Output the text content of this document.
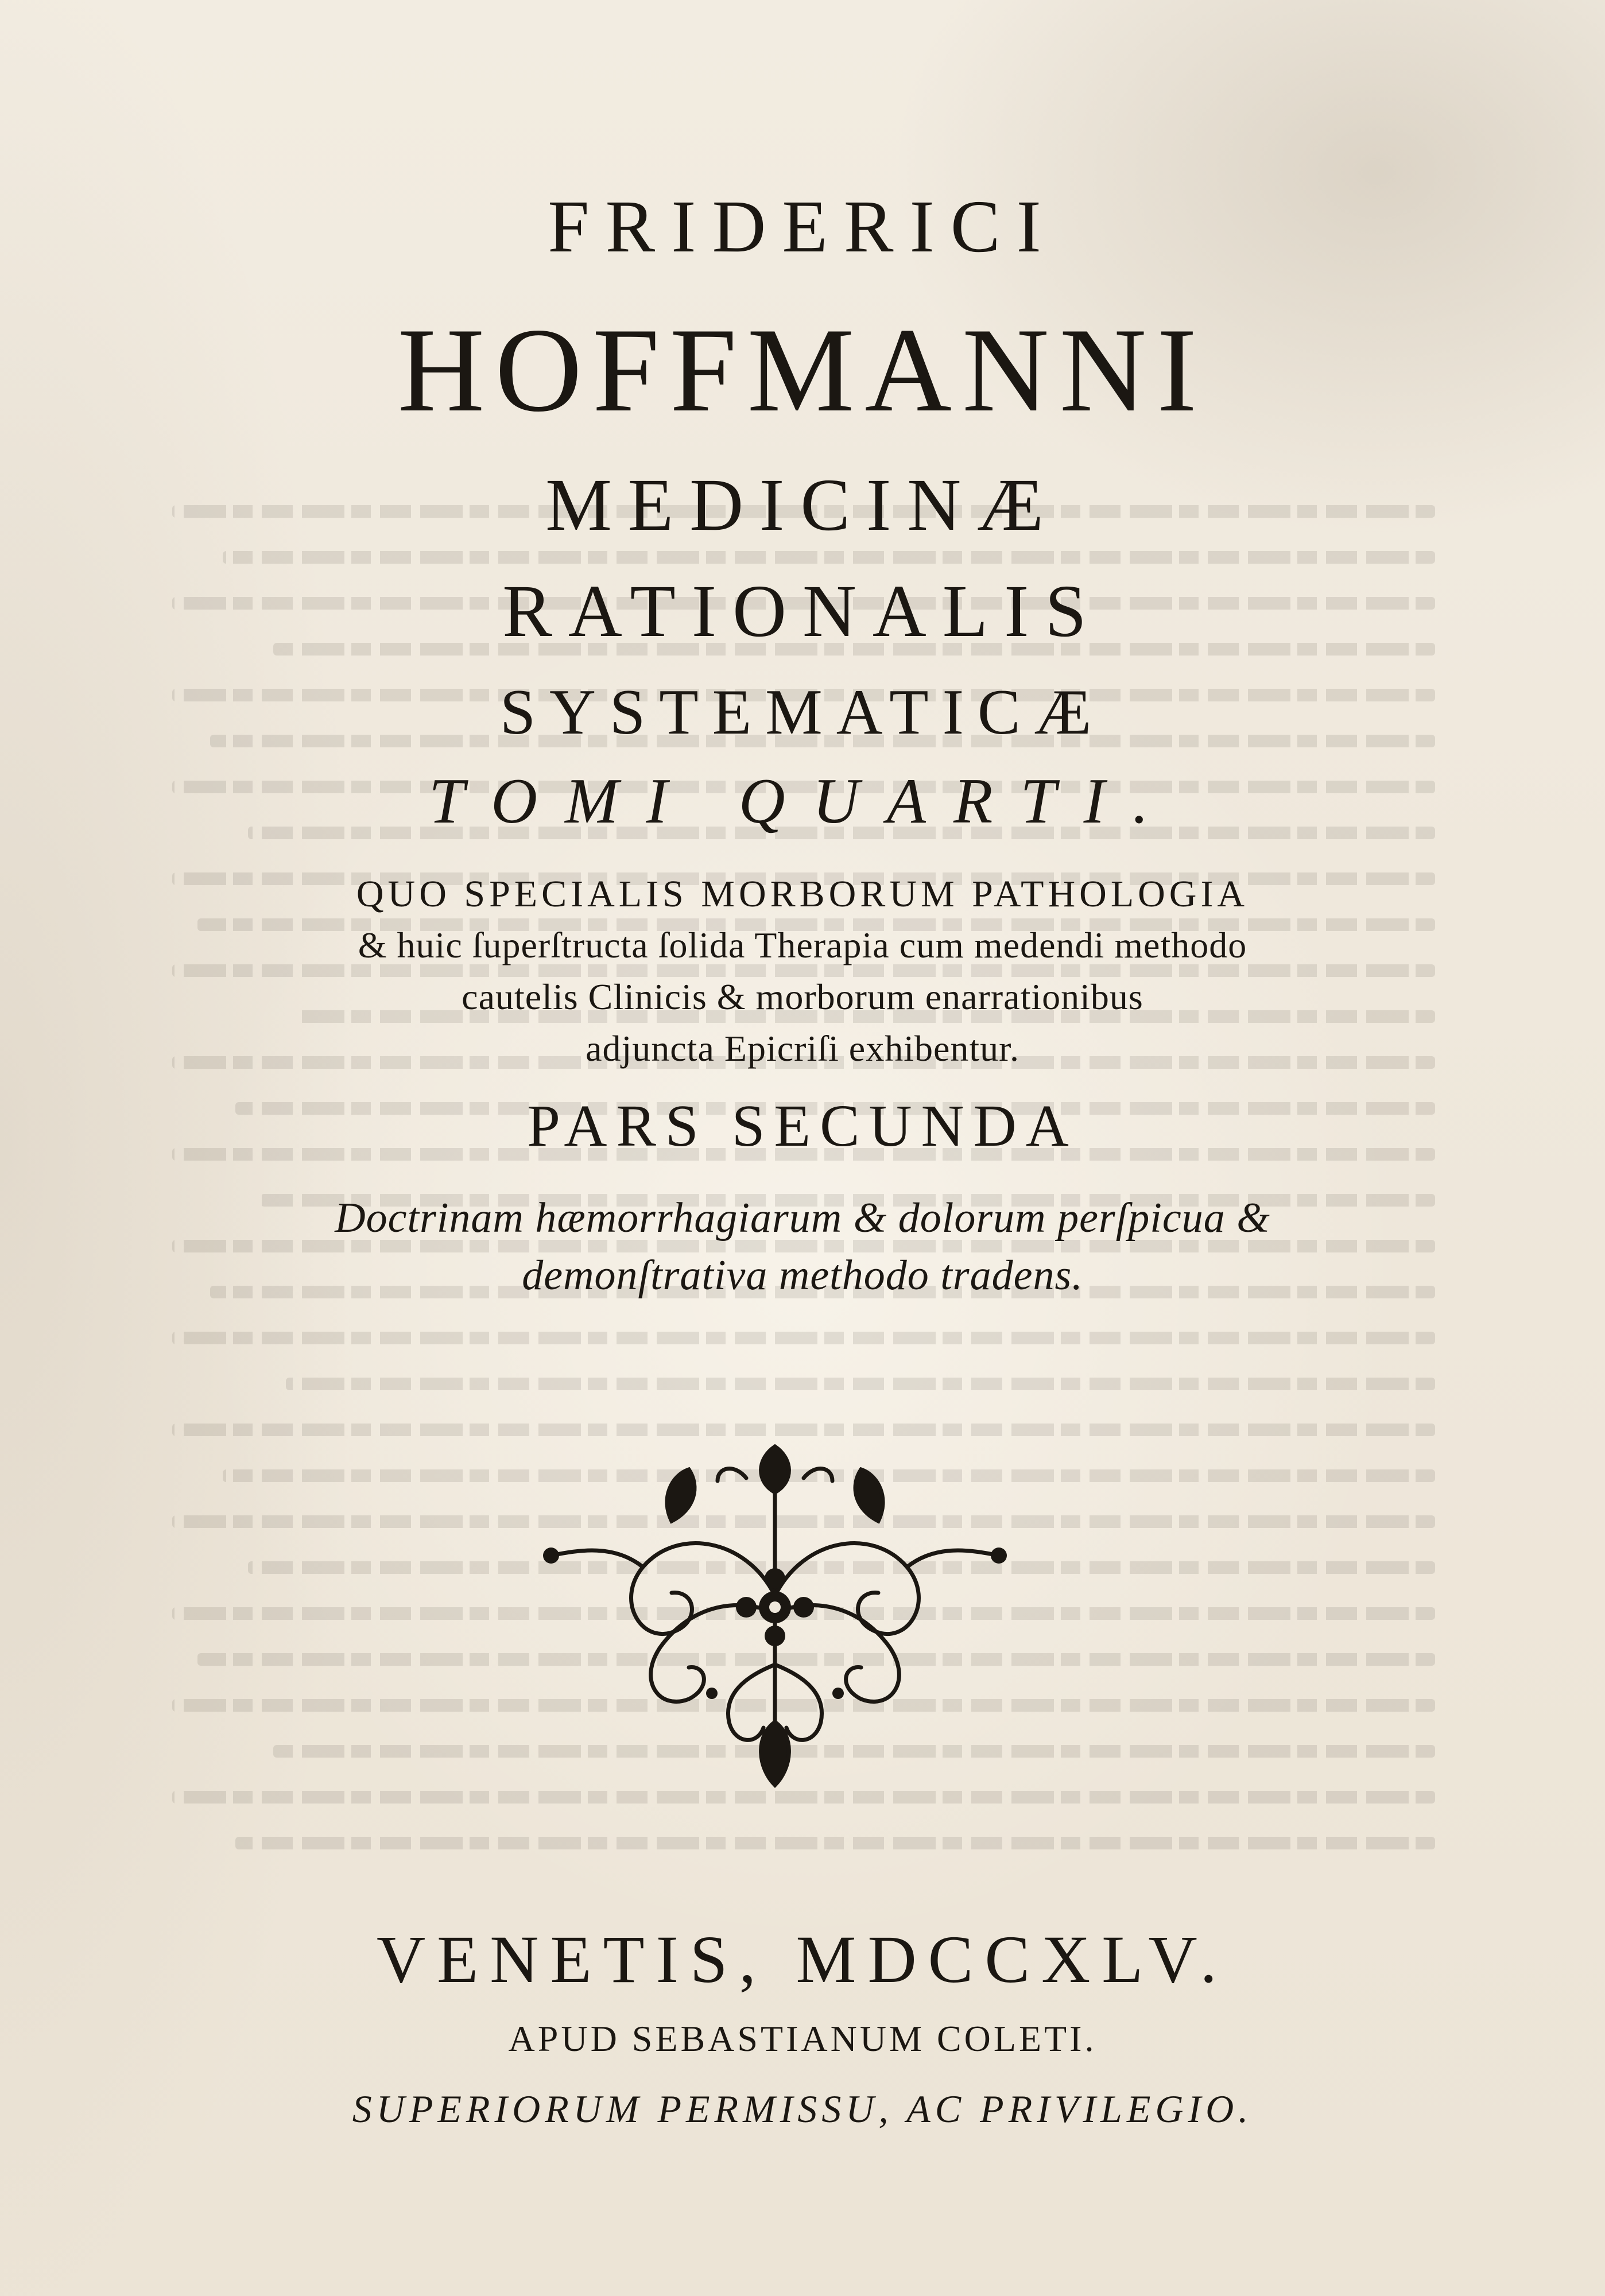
FRIDERICI
HOFFMANNI
MEDICINÆ
RATIONALIS
SYSTEMATICÆ
TOMI QUARTI.
QUO SPECIALIS MORBORUM PATHOLOGIA
& huic ſuperſtructa ſolida Therapia cum medendi methodo
cautelis Clinicis & morborum enarrationibus
adjuncta Epicriſi exhibentur.
PARS SECUNDA
Doctrinam hæmorrhagiarum & dolorum perſpicua &
demonſtrativa methodo tradens.
VENETIS, MDCCXLV.
APUD SEBASTIANUM COLETI.
SUPERIORUM PERMISSU, AC PRIVILEGIO.
